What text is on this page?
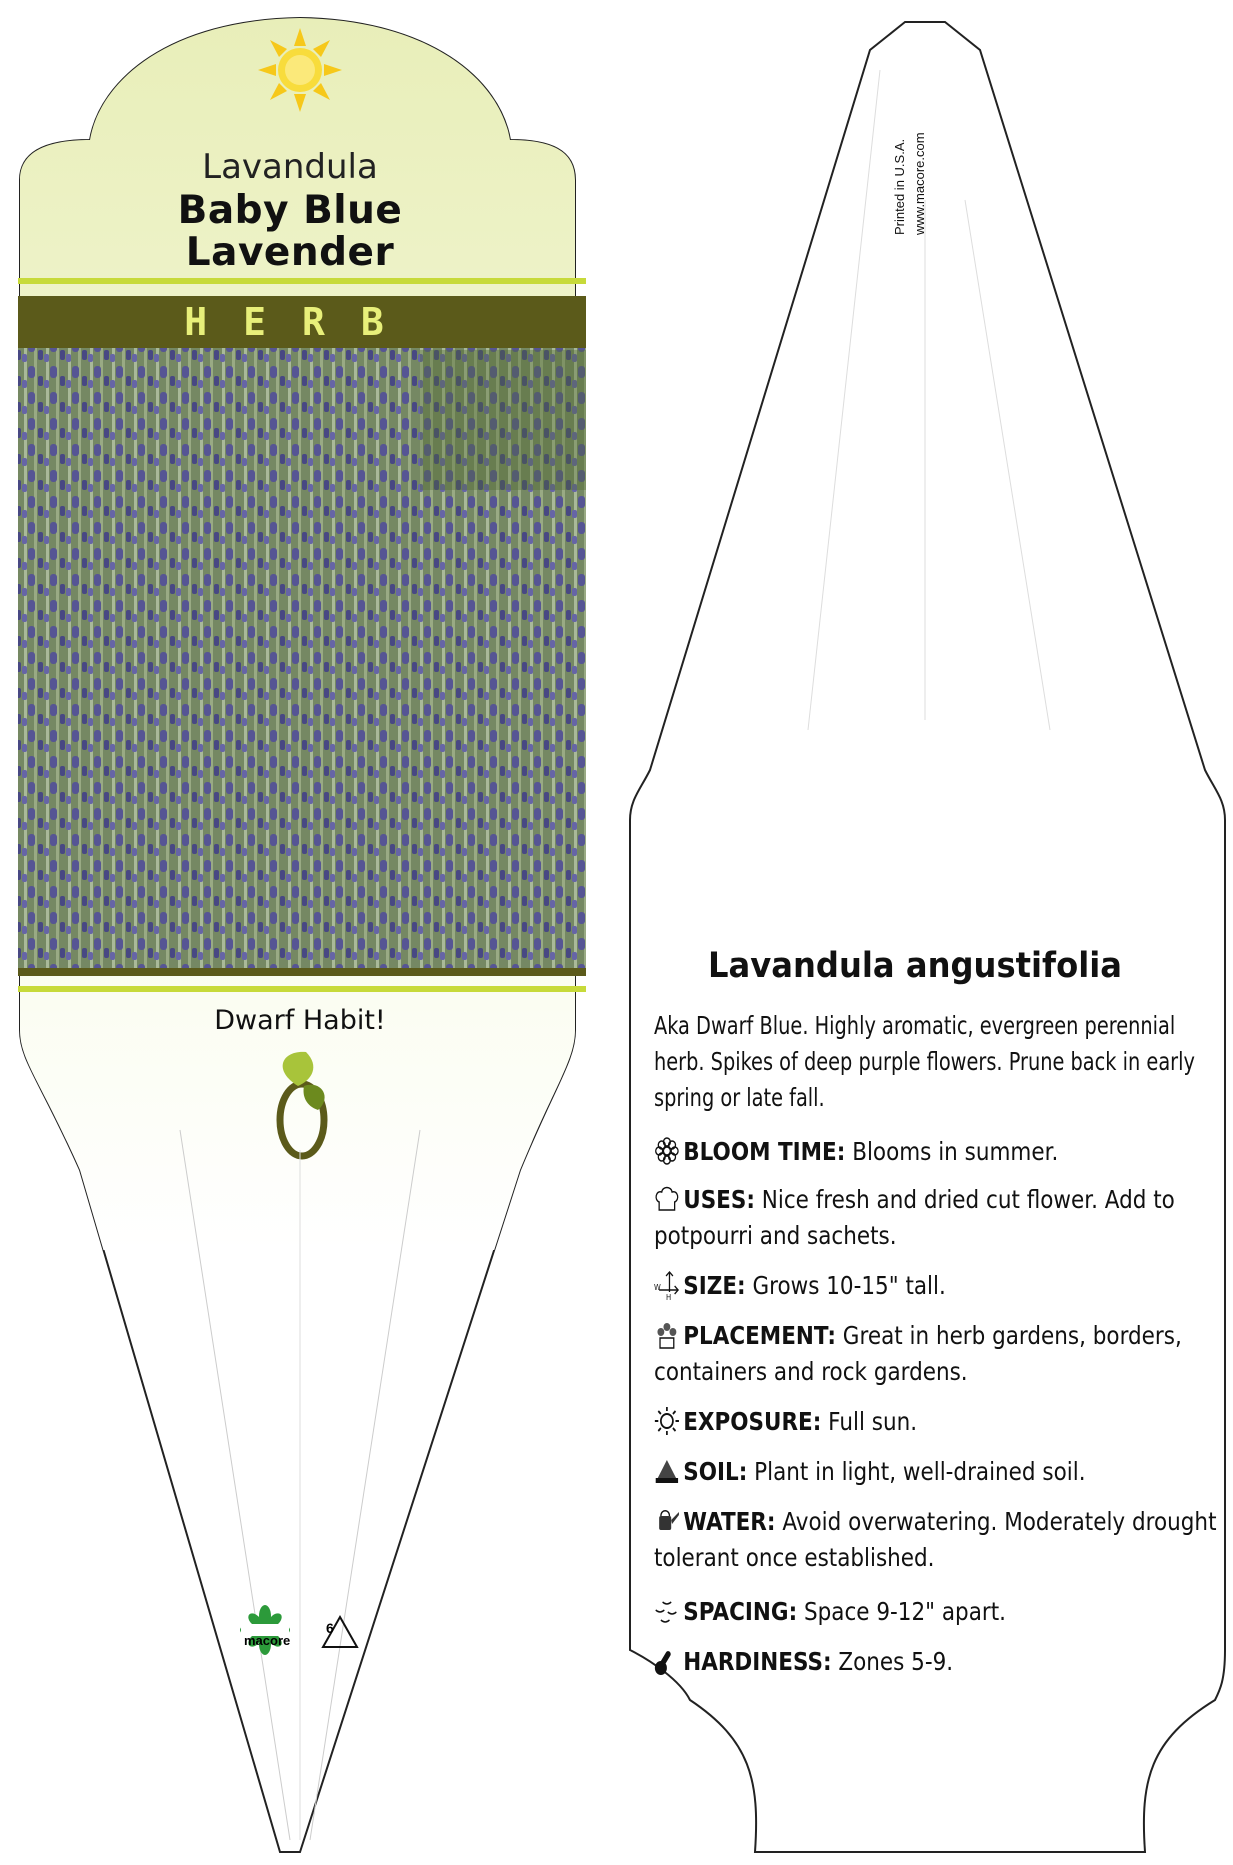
Lavandula
Baby Blue
Lavender
HERB
Dwarf Habit!
macore
6
Printed in U.S.A. www.macore.com
Lavandula angustifolia
Aka Dwarf Blue. Highly aromatic, evergreen perennial herb. Spikes of deep purple flowers. Prune back in early spring or late fall.
BLOOM TIME: Blooms in summer.
USES: Nice fresh and dried cut flower. Add to potpourri and sachets.
W
H SIZE: Grows 10-15" tall.
PLACEMENT: Great in herb gardens, borders, containers and rock gardens.
EXPOSURE: Full sun.
SOIL: Plant in light, well-drained soil.
WATER: Avoid overwatering. Moderately drought tolerant once established.
SPACING: Space 9-12" apart.
HARDINESS: Zones 5-9.
